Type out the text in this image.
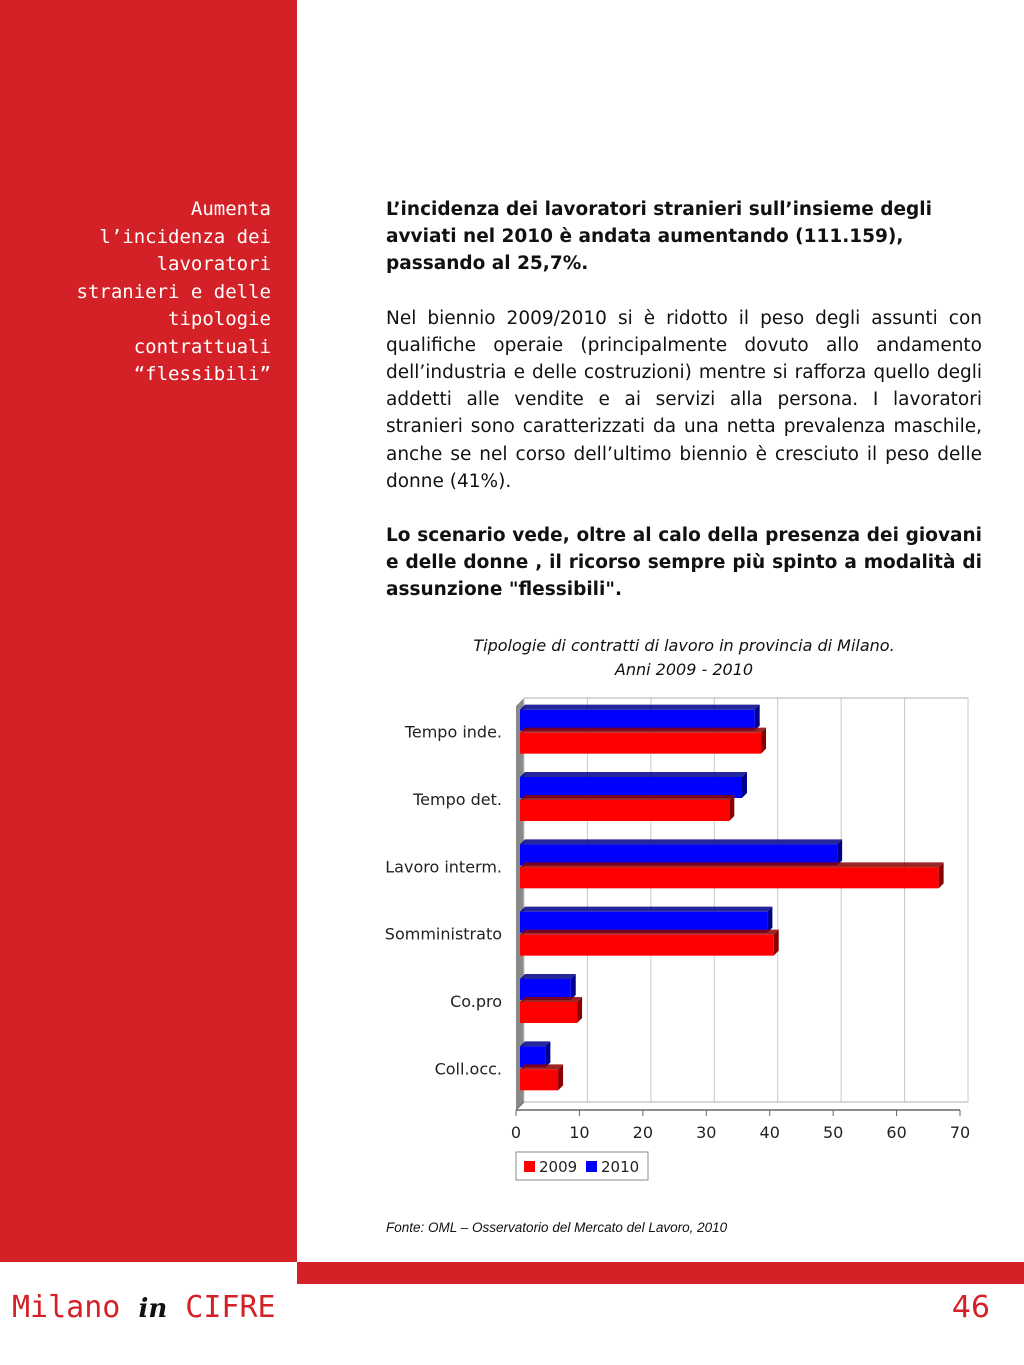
Aumenta
l’incidenza dei
lavoratori
stranieri e delle
tipologie
contrattuali
“flessibili”

L’incidenza dei lavoratori stranieri sull’insieme degli avviati nel 2010 è andata aumentando (111.159), passando al 25,7%.

Nel biennio 2009/2010 si è ridotto il peso degli assunti con qualifiche operaie (principalmente dovuto allo andamento dell’industria e delle costruzioni) mentre si rafforza quello degli addetti alle vendite e ai servizi alla persona. I lavoratori stranieri sono caratterizzati da una netta prevalenza maschile, anche se nel corso dell’ultimo biennio è cresciuto il peso delle donne (41%).

Lo scenario vede, oltre al calo della presenza dei giovani e delle donne , il ricorso sempre più spinto a modalità di assunzione "flessibili".

Tipologie di contratti di lavoro in provincia di Milano.
Anni 2009 - 2010
0	10	20	30	40	50	60	70
Tempo inde.
Tempo det.
Lavoro interm.
Somministrato
Co.pro
Coll.occ.
2009 2010
Fonte: OML – Osservatorio del Mercato del Lavoro, 2010
Milano in CIFRE	46
